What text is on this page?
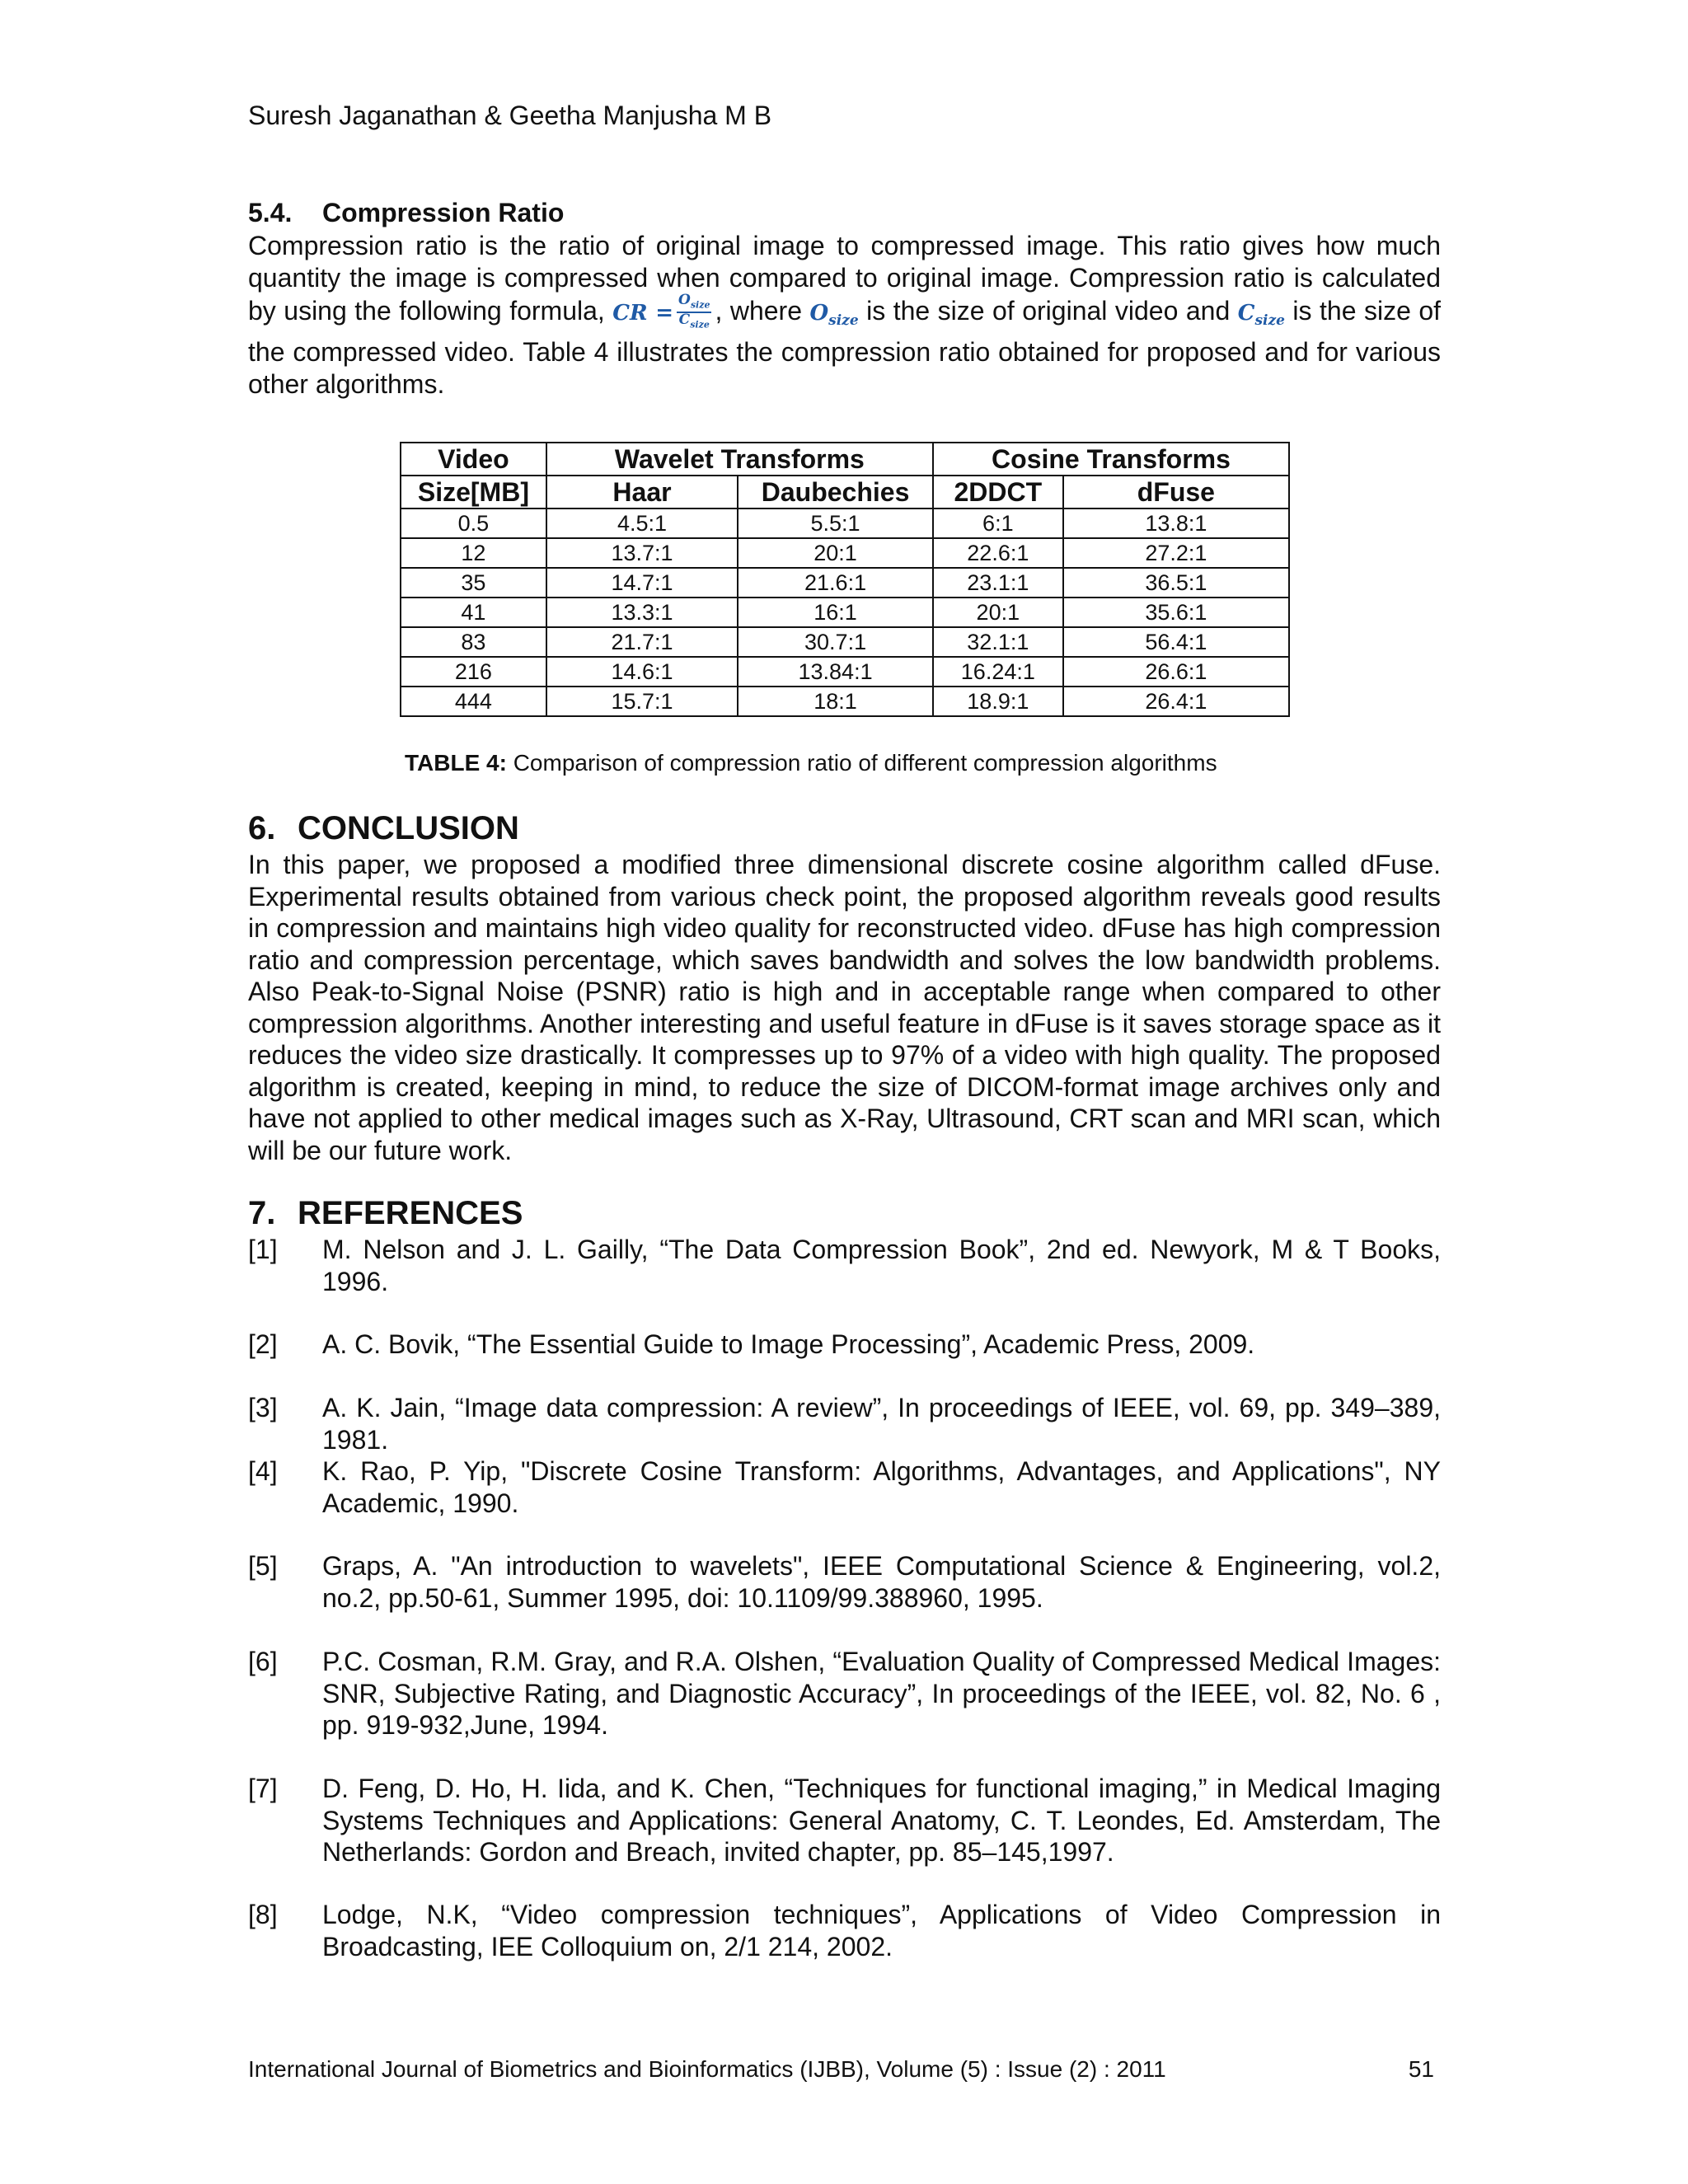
Suresh Jaganathan & Geetha Manjusha M B
5.4. Compression Ratio

Compression ratio is the ratio of original image to compressed image. This ratio gives how much quantity the image is compressed when compared to original image. Compression ratio is calculated by using the following formula, CR = $\frac{O_{size}}{C_{size}}$ , where $O_{size}$ is the size of original video and $C_{size}$ is the size of the compressed video. Table 4 illustrates the compression ratio obtained for proposed and for various other algorithms.

Video	Wavelet Transforms		Cosine Transforms	
Size[MB]	Haar	Daubechies	2DDCT	dFuse
0.5	4.5:1	5.5:1	6:1	13.8:1
12	13.7:1	20:1	22.6:1	27.2:1
35	14.7:1	21.6:1	23.1:1	36.5:1
41	13.3:1	16:1	20:1	35.6:1
83	21.7:1	30.7:1	32.1:1	56.4:1
216	14.6:1	13.84:1	16.24:1	26.6:1
444	15.7:1	18:1	18.9:1	26.4:1
TABLE 4: Comparison of compression ratio of different compression algorithms
6. CONCLUSION

In this paper, we proposed a modified three dimensional discrete cosine algorithm called dFuse. Experimental results obtained from various check point, the proposed algorithm reveals good results in compression and maintains high video quality for reconstructed video. dFuse has high compression ratio and compression percentage, which saves bandwidth and solves the low bandwidth problems. Also Peak-to-Signal Noise (PSNR) ratio is high and in acceptable range when compared to other compression algorithms. Another interesting and useful feature in dFuse is it saves storage space as it reduces the video size drastically. It compresses up to 97% of a video with high quality. The proposed algorithm is created, keeping in mind, to reduce the size of DICOM-format image archives only and have not applied to other medical images such as X-Ray, Ultrasound, CRT scan and MRI scan, which will be our future work.

7. REFERENCES
[1] M. Nelson and J. L. Gailly, “The Data Compression Book”, 2nd ed. Newyork, M & T Books, 1996.
[2] A. C. Bovik, “The Essential Guide to Image Processing”, Academic Press, 2009.
[3] A. K. Jain, “Image data compression: A review”, In proceedings of IEEE, vol. 69, pp. 349–389, 1981.
[4] K. Rao, P. Yip, "Discrete Cosine Transform: Algorithms, Advantages, and Applications", NY Academic, 1990.
[5] Graps, A. "An introduction to wavelets", IEEE Computational Science & Engineering, vol.2, no.2, pp.50-61, Summer 1995, doi: 10.1109/99.388960, 1995.
[6] P.C. Cosman, R.M. Gray, and R.A. Olshen, “Evaluation Quality of Compressed Medical Images: SNR, Subjective Rating, and Diagnostic Accuracy”, In proceedings of the IEEE, vol. 82, No. 6 , pp. 919-932,June, 1994.
[7] D. Feng, D. Ho, H. Iida, and K. Chen, “Techniques for functional imaging,” in Medical Imaging Systems Techniques and Applications: General Anatomy, C. T. Leondes, Ed. Amsterdam, The Netherlands: Gordon and Breach, invited chapter, pp. 85–145,1997.
[8] Lodge, N.K, “Video compression techniques”, Applications of Video Compression in Broadcasting, IEE Colloquium on, 2/1 214, 2002.
International Journal of Biometrics and Bioinformatics (IJBB), Volume (5) : Issue (2) : 2011	51
